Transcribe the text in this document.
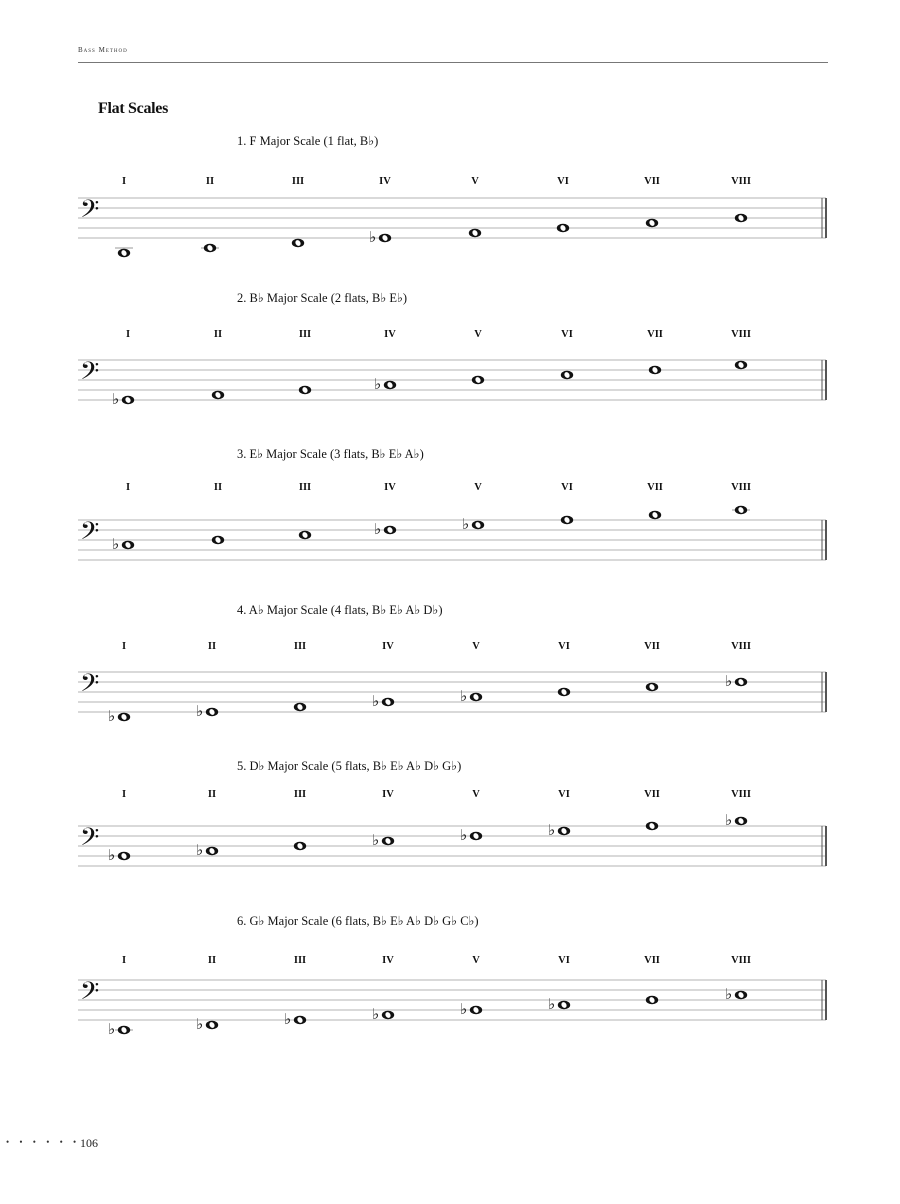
Bass Method
Flat Scales
1. F Major Scale (1 flat, B♭)
I	II	III	IV	V	VI	VII	VIII
𝄢
♭
2. B♭ Major Scale (2 flats, B♭ E♭)
I	II	III	IV	V	VI	VII	VIII
𝄢
♭
♭
3. E♭ Major Scale (3 flats, B♭ E♭ A♭)
I	II	III	IV	V	VI	VII	VIII
𝄢 ♭
♭	♭
4. A♭ Major Scale (4 flats, B♭ E♭ A♭ D♭)
I	II	III	IV	V	VI	VII	VIII
𝄢
♭	♭
♭	♭
♭
5. D♭ Major Scale (5 flats, B♭ E♭ A♭ D♭ G♭)
I	II	III	IV	V	VI	VII	VIII
𝄢 ♭	♭
♭	♭	♭
♭
6. G♭ Major Scale (6 flats, B♭ E♭ A♭ D♭ G♭ C♭)
I	II	III	IV	V	VI	VII	VIII
𝄢
♭	♭	♭	♭	♭	♭
♭
• • • • • • 106
